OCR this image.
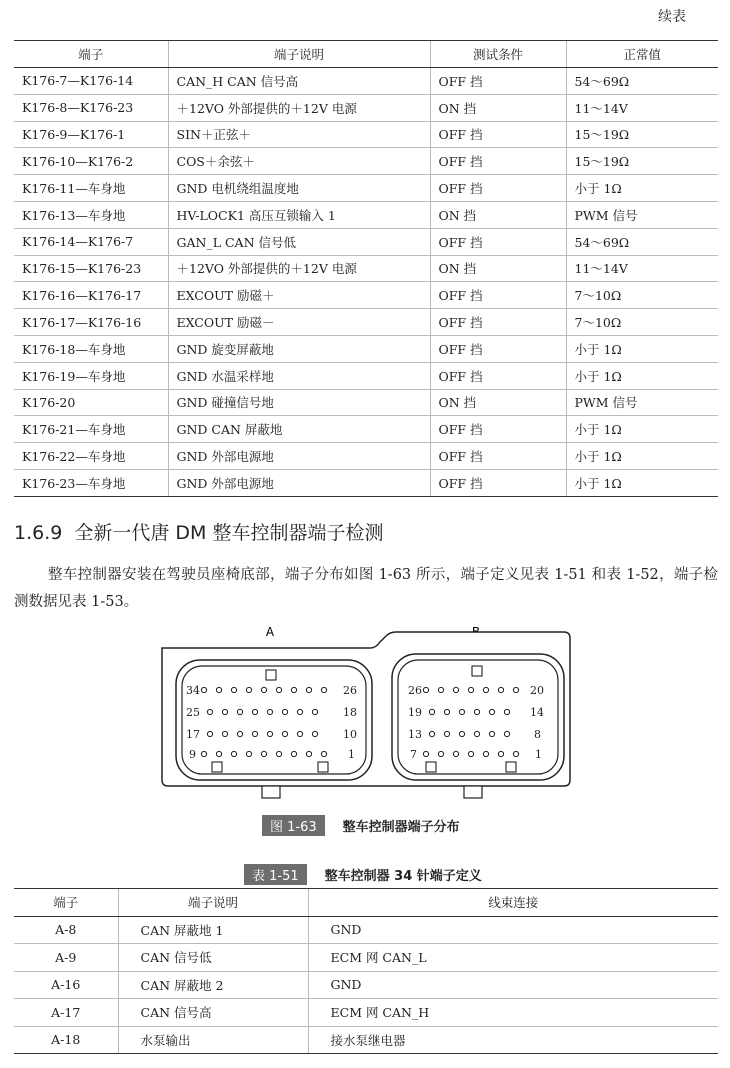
续表
端子	端子说明	测试条件	正常值
K176-7—K176-14	CAN_H CAN 信号高	OFF 挡	54～69Ω
K176-8—K176-23	＋12VO 外部提供的＋12V 电源	ON 挡	11～14V
K176-9—K176-1	SIN＋正弦＋	OFF 挡	15～19Ω
K176-10—K176-2	COS＋余弦＋	OFF 挡	15～19Ω
K176-11—车身地	GND 电机绕组温度地	OFF 挡	小于 1Ω
K176-13—车身地	HV-LOCK1 高压互锁输入 1	ON 挡	PWM 信号
K176-14—K176-7	GAN_L CAN 信号低	OFF 挡	54～69Ω
K176-15—K176-23	＋12VO 外部提供的＋12V 电源	ON 挡	11～14V
K176-16—K176-17	EXCOUT 励磁＋	OFF 挡	7～10Ω
K176-17—K176-16	EXCOUT 励磁－	OFF 挡	7～10Ω
K176-18—车身地	GND 旋变屏蔽地	OFF 挡	小于 1Ω
K176-19—车身地	GND 水温采样地	OFF 挡	小于 1Ω
K176-20	GND 碰撞信号地	ON 挡	PWM 信号
K176-21—车身地	GND CAN 屏蔽地	OFF 挡	小于 1Ω
K176-22—车身地	GND 外部电源地	OFF 挡	小于 1Ω
K176-23—车身地	GND 外部电源地	OFF 挡	小于 1Ω
1.6.9 全新一代唐 DM 整车控制器端子检测

整车控制器安装在驾驶员座椅底部，端子分布如图 1-63 所示，端子定义见表 1-51 和表 1-52，端子检测数据见表 1-53。

A
34	26
25	18
17	10
9	1
26	20
19	14
13	8
7	1
图 1-63 整车控制器端子分布
表 1-51 整车控制器 34 针端子定义
端子	端子说明	线束连接
A-8	CAN 屏蔽地 1	GND
A-9	CAN 信号低	ECM 网 CAN_L
A-16	CAN 屏蔽地 2	GND
A-17	CAN 信号高	ECM 网 CAN_H
A-18	水泵输出	接水泵继电器
